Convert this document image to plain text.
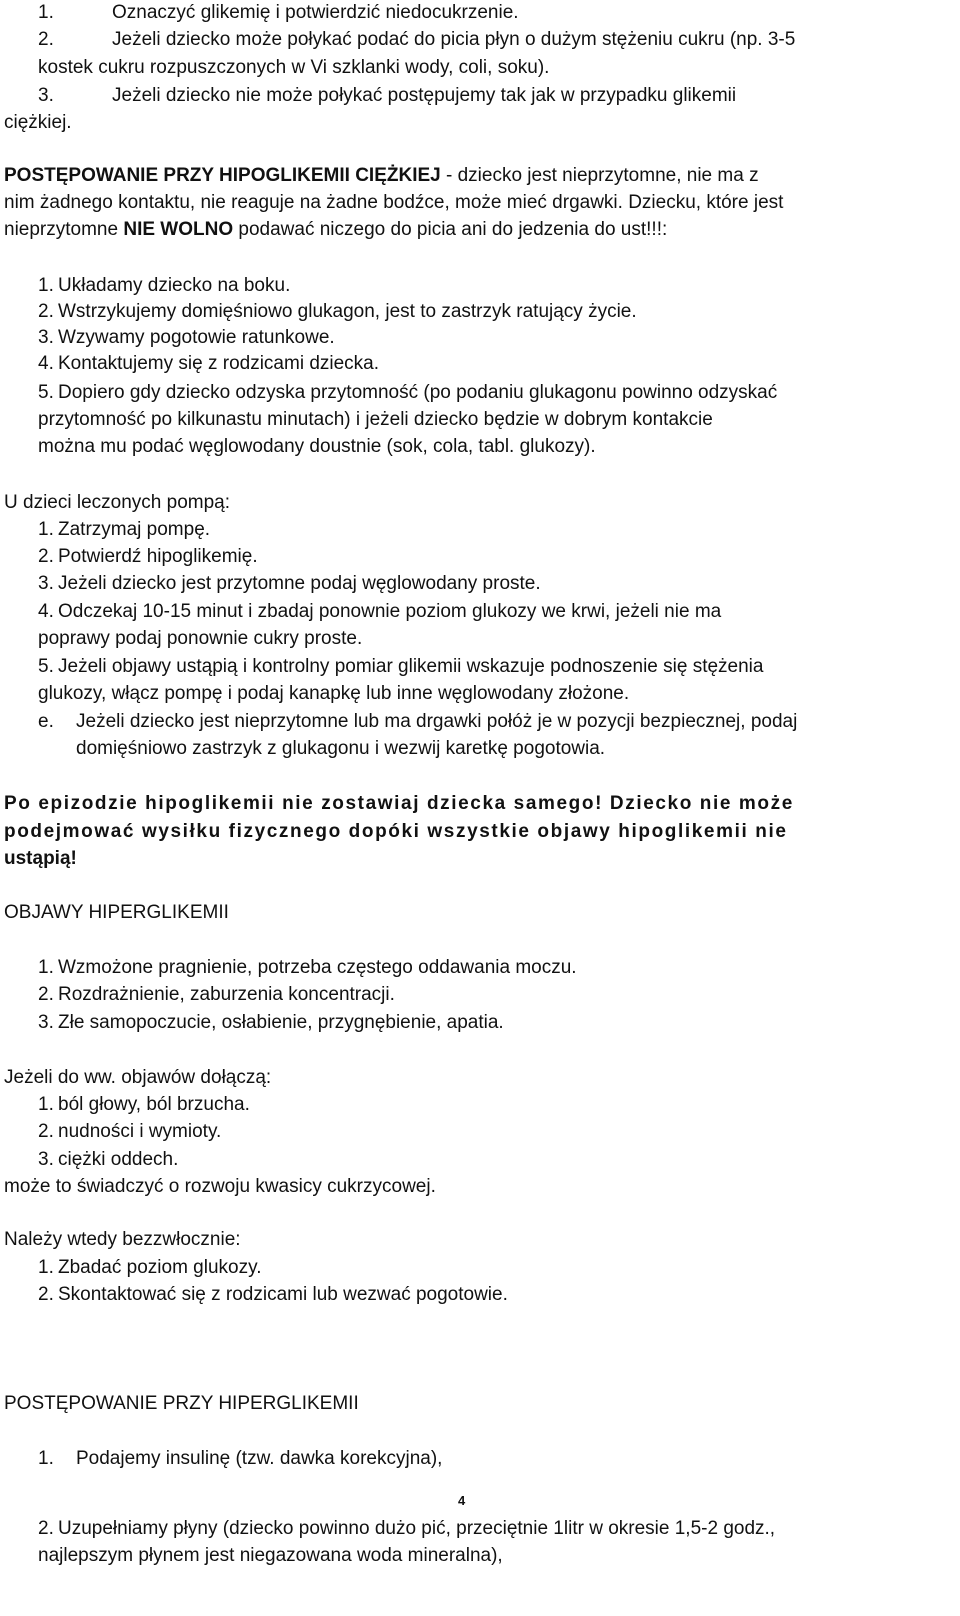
1.	Oznaczyć glikemię i potwierdzić niedocukrzenie.
2.	Jeżeli dziecko może połykać podać do picia płyn o dużym stężeniu cukru (np. 3-5
kostek cukru rozpuszczonych w Vi szklanki wody, coli, soku).
3.	Jeżeli dziecko nie może połykać postępujemy tak jak w przypadku glikemii
ciężkiej.
POSTĘPOWANIE PRZY HIPOGLIKEMII CIĘŻKIEJ - dziecko jest nieprzytomne, nie ma z
nim żadnego kontaktu, nie reaguje na żadne bodźce, może mieć drgawki. Dziecku, które jest
nieprzytomne NIE WOLNO podawać niczego do picia ani do jedzenia do ust!!!:
1. Układamy dziecko na boku.
2. Wstrzykujemy domięśniowo glukagon, jest to zastrzyk ratujący życie.
3. Wzywamy pogotowie ratunkowe.
4. Kontaktujemy się z rodzicami dziecka.
5. Dopiero gdy dziecko odzyska przytomność (po podaniu glukagonu powinno odzyskać
przytomność po kilkunastu minutach) i jeżeli dziecko będzie w dobrym kontakcie
można mu podać węglowodany doustnie (sok, cola, tabl. glukozy).
U dzieci leczonych pompą:
1. Zatrzymaj pompę.
2. Potwierdź hipoglikemię.
3. Jeżeli dziecko jest przytomne podaj węglowodany proste.
4. Odczekaj 10-15 minut i zbadaj ponownie poziom glukozy we krwi, jeżeli nie ma
poprawy podaj ponownie cukry proste.
5. Jeżeli objawy ustąpią i kontrolny pomiar glikemii wskazuje podnoszenie się stężenia
glukozy, włącz pompę i podaj kanapkę lub inne węglowodany złożone.
e. Jeżeli dziecko jest nieprzytomne lub ma drgawki połóż je w pozycji bezpiecznej, podaj
domięśniowo zastrzyk z glukagonu i wezwij karetkę pogotowia.
Po epizodzie hipoglikemii nie zostawiaj dziecka samego! Dziecko nie może
podejmować wysiłku fizycznego dopóki wszystkie objawy hipoglikemii nie
ustąpią!
OBJAWY HIPERGLIKEMII
1. Wzmożone pragnienie, potrzeba częstego oddawania moczu.
2. Rozdrażnienie, zaburzenia koncentracji.
3. Złe samopoczucie, osłabienie, przygnębienie, apatia.
Jeżeli do ww. objawów dołączą:
1. ból głowy, ból brzucha.
2. nudności i wymioty.
3. ciężki oddech.
może to świadczyć o rozwoju kwasicy cukrzycowej.
Należy wtedy bezzwłocznie:
1. Zbadać poziom glukozy.
2. Skontaktować się z rodzicami lub wezwać pogotowie.
POSTĘPOWANIE PRZY HIPERGLIKEMII
1. Podajemy insulinę (tzw. dawka korekcyjna),
4
2. Uzupełniamy płyny (dziecko powinno dużo pić, przeciętnie 1litr w okresie 1,5-2 godz.,
najlepszym płynem jest niegazowana woda mineralna),
